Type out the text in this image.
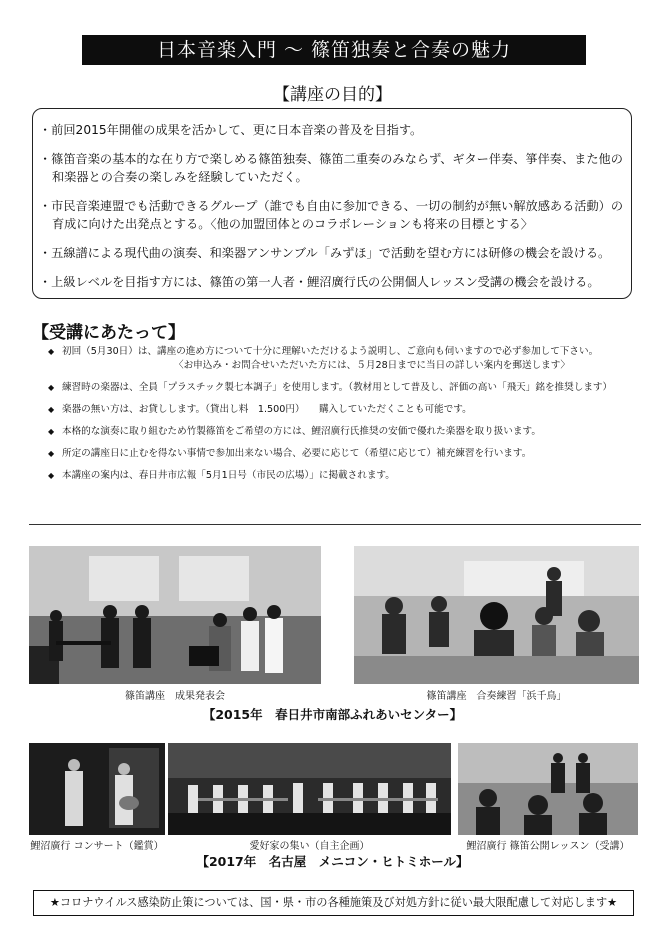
日本音楽入門 ～ 篠笛独奏と合奏の魅力
【講座の目的】
・前回2015年開催の成果を活かして、更に日本音楽の普及を目指す。
・篠笛音楽の基本的な在り方で楽しめる篠笛独奏、篠笛二重奏のみならず、ギター伴奏、箏伴奏、また他の
和楽器との合奏の楽しみを経験していただく。
・市民音楽連盟でも活動できるグループ（誰でも自由に参加できる、一切の制約が無い解放感ある活動）の
育成に向けた出発点とする。〈他の加盟団体とのコラボレーションも将来の目標とする〉
・五線譜による現代曲の演奏、和楽器アンサンブル「みずほ」で活動を望む方には研修の機会を設ける。
・上級レベルを目指す方には、篠笛の第一人者・鯉沼廣行氏の公開個人レッスン受講の機会を設ける。
【受講にあたって】
◆ 初回（5月30日）は、講座の進め方について十分に理解いただけるよう説明し、ご意向も伺いますので必ず参加して下さい。
〈お申込み・お問合せいただいた方には、５月28日までに当日の詳しい案内を郵送します〉
◆ 練習時の楽器は、全員「プラスチック製七本調子」を使用します。（教材用として普及し、評価の高い「飛天」銘を推奨します）
◆ 楽器の無い方は、お貸しします。（貸出し料　1.500円）　　購入していただくことも可能です。
◆ 本格的な演奏に取り組むため竹製篠笛をご希望の方には、鯉沼廣行氏推奨の安価で優れた楽器を取り扱います。
◆ 所定の講座日に止むを得ない事情で参加出来ない場合、必要に応じて（希望に応じて）補充練習を行います。
◆ 本講座の案内は、春日井市広報「5月1日号（市民の広場）」に掲載されます。
篠笛講座　成果発表会	篠笛講座　合奏練習「浜千鳥」
【2015年　春日井市南部ふれあいセンター】
鯉沼廣行 コンサート（鑑賞）	愛好家の集い（自主企画）	鯉沼廣行 篠笛公開レッスン（受講）
【2017年　名古屋　メニコン・ヒトミホール】
★コロナウイルス感染防止策については、国・県・市の各種施策及び対処方針に従い最大限配慮して対応します★
